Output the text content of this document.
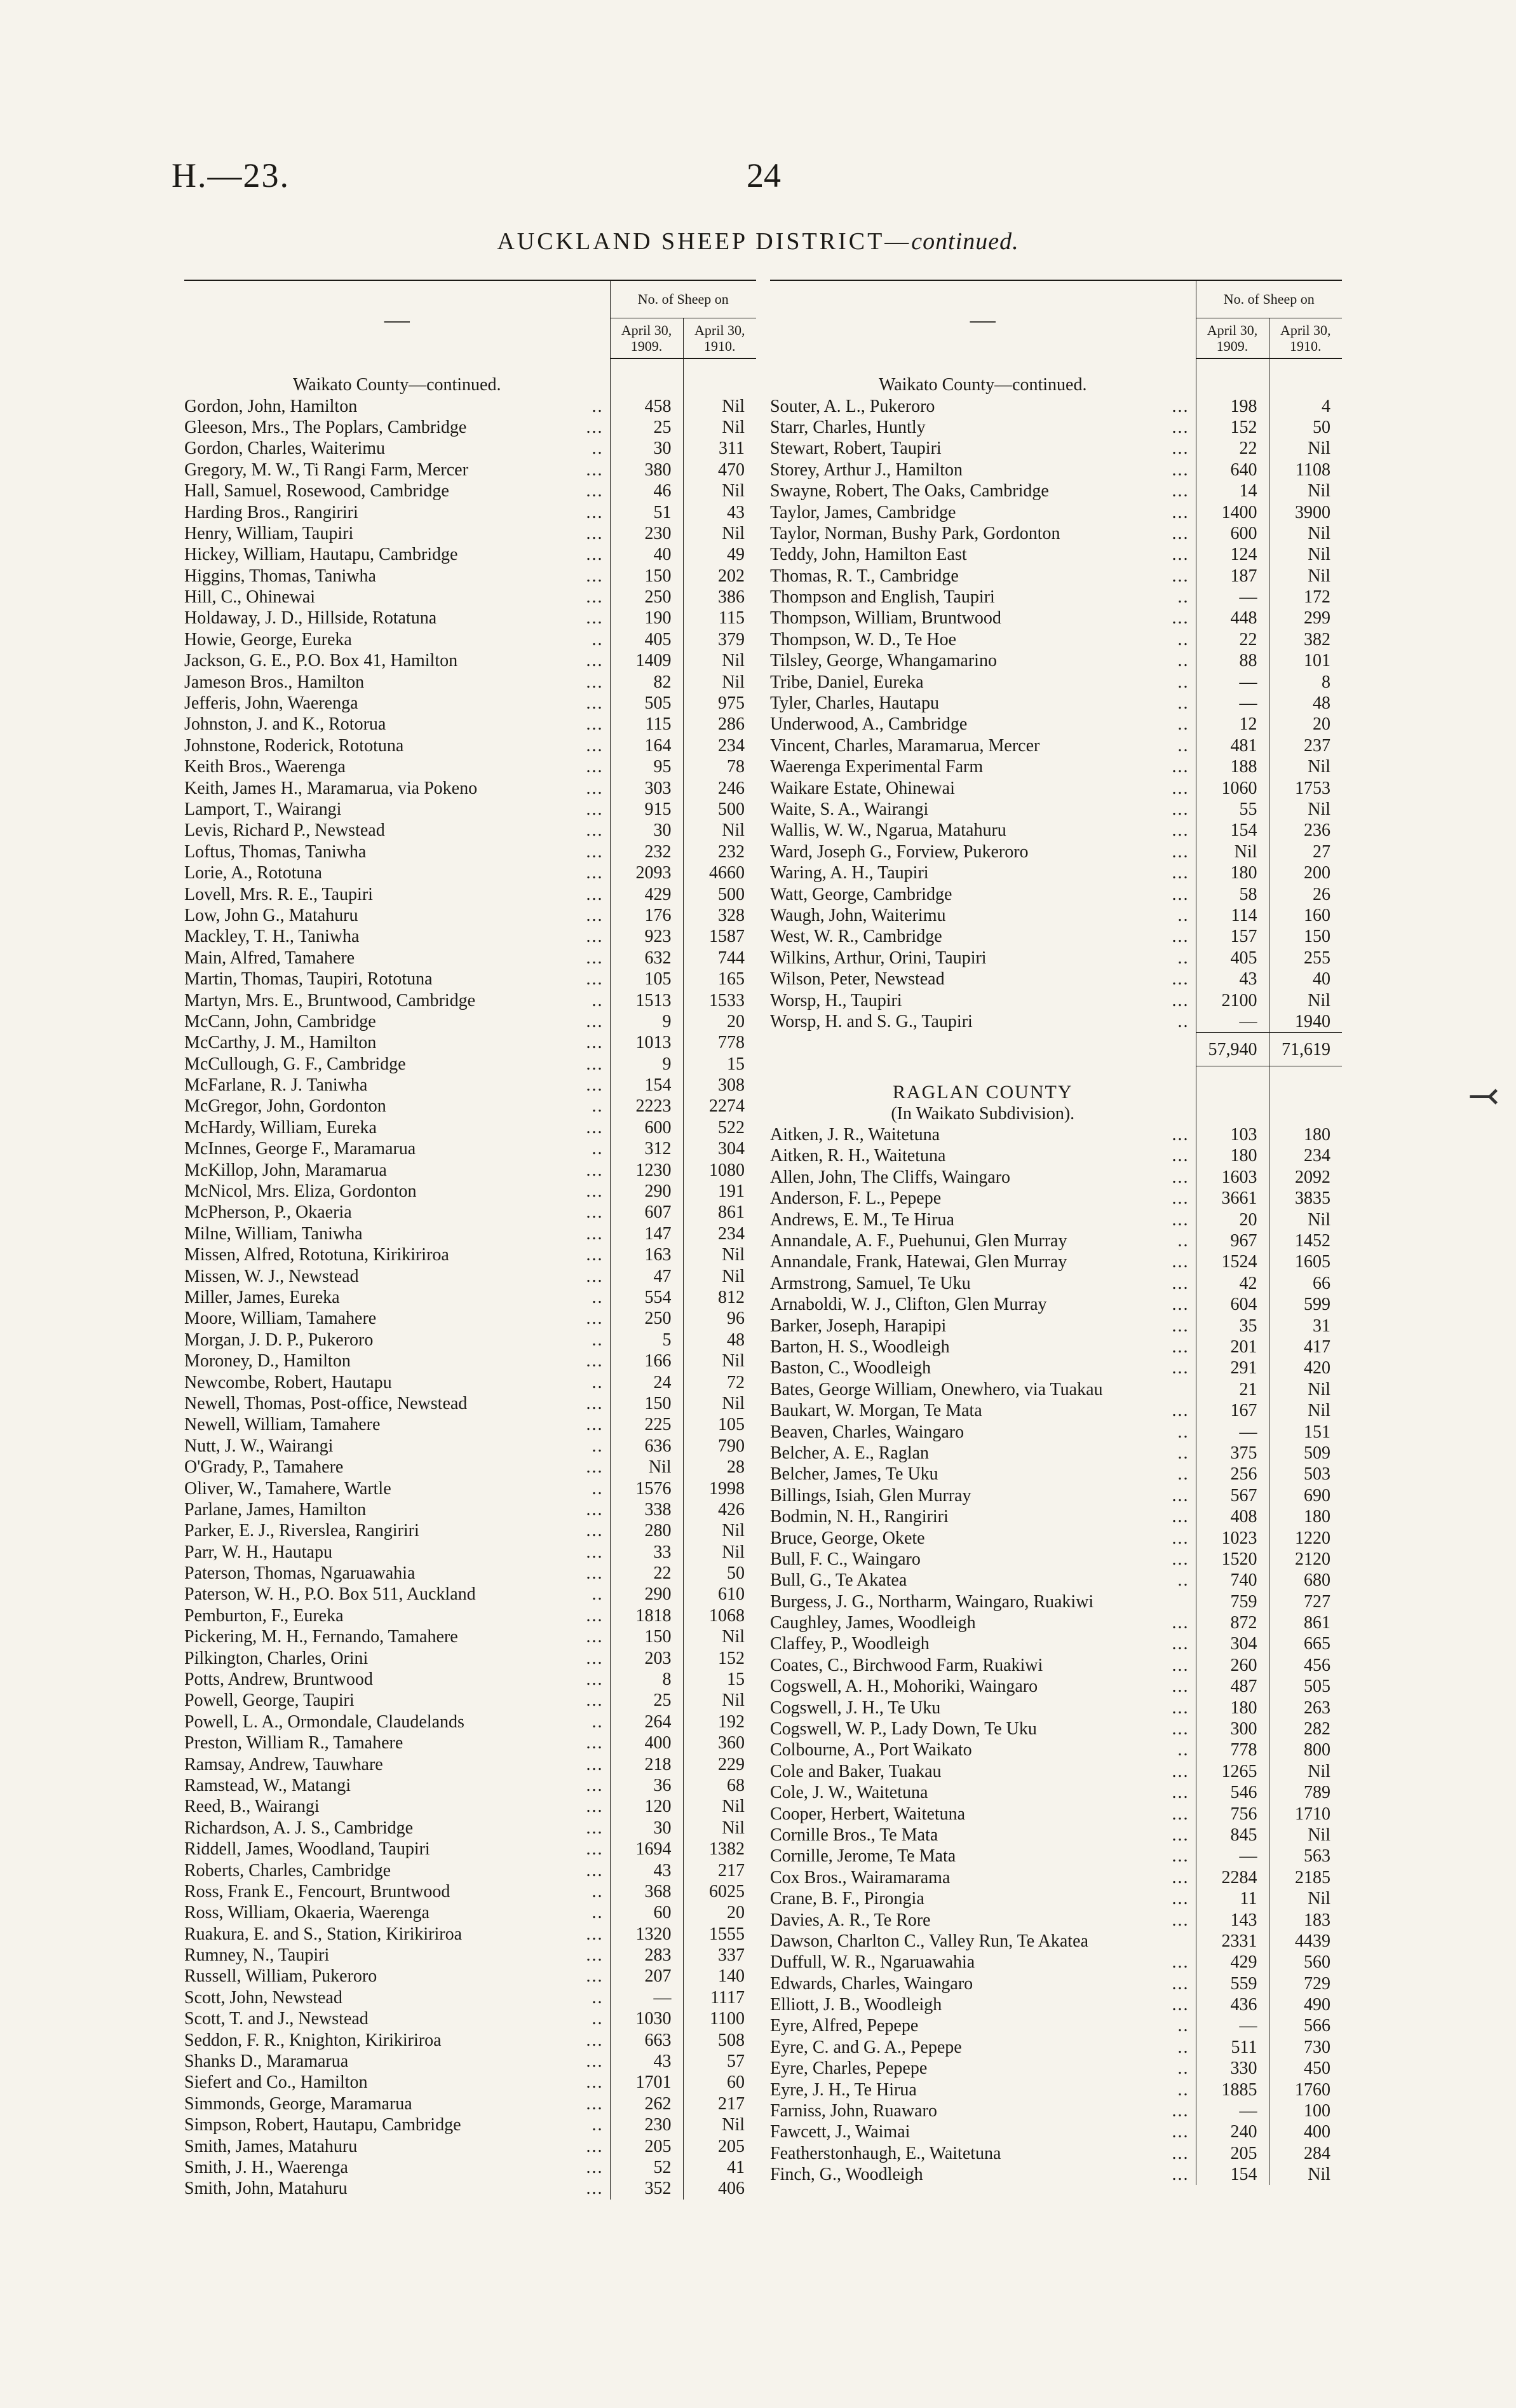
H.—23.	24
AUCKLAND SHEEP DISTRICT—continued.
—	No. of Sheep on	
	April 30, 1909.	April 30, 1910.

Waikato County—continued.		

..
Gordon, John, Hamilton	458	Nil

...
Gleeson, Mrs., The Poplars, Cambridge	25	Nil

..
Gordon, Charles, Waiterimu	30	311

...
Gregory, M. W., Ti Rangi Farm, Mercer	380	470

...
Hall, Samuel, Rosewood, Cambridge	46	Nil

...
Harding Bros., Rangiriri	51	43

...
Henry, William, Taupiri	230	Nil

...
Hickey, William, Hautapu, Cambridge	40	49

...
Higgins, Thomas, Taniwha	150	202

...
Hill, C., Ohinewai	250	386

...
Holdaway, J. D., Hillside, Rotatuna	190	115

..
Howie, George, Eureka	405	379

...
Jackson, G. E., P.O. Box 41, Hamilton	1409	Nil

...
Jameson Bros., Hamilton	82	Nil

...
Jefferis, John, Waerenga	505	975

...
Johnston, J. and K., Rotorua	115	286

...
Johnstone, Roderick, Rototuna	164	234

...
Keith Bros., Waerenga	95	78

...
Keith, James H., Maramarua, via Pokeno	303	246

...
Lamport, T., Wairangi	915	500

...
Levis, Richard P., Newstead	30	Nil

...
Loftus, Thomas, Taniwha	232	232

...
Lorie, A., Rototuna	2093	4660

...
Lovell, Mrs. R. E., Taupiri	429	500

...
Low, John G., Matahuru	176	328

...
Mackley, T. H., Taniwha	923	1587

...
Main, Alfred, Tamahere	632	744

...
Martin, Thomas, Taupiri, Rototuna	105	165

..
Martyn, Mrs. E., Bruntwood, Cambridge	1513	1533

...
McCann, John, Cambridge	9	20

...
McCarthy, J. M., Hamilton	1013	778

...
McCullough, G. F., Cambridge	9	15

...
McFarlane, R. J. Taniwha	154	308

..
McGregor, John, Gordonton	2223	2274

...
McHardy, William, Eureka	600	522

..
McInnes, George F., Maramarua	312	304

...
McKillop, John, Maramarua	1230	1080

...
McNicol, Mrs. Eliza, Gordonton	290	191

...
McPherson, P., Okaeria	607	861

...
Milne, William, Taniwha	147	234

...
Missen, Alfred, Rototuna, Kirikiriroa	163	Nil

...
Missen, W. J., Newstead	47	Nil

..
Miller, James, Eureka	554	812

...
Moore, William, Tamahere	250	96

..
Morgan, J. D. P., Pukeroro	5	48

...
Moroney, D., Hamilton	166	Nil

..
Newcombe, Robert, Hautapu	24	72

...
Newell, Thomas, Post-office, Newstead	150	Nil

...
Newell, William, Tamahere	225	105

..
Nutt, J. W., Wairangi	636	790

...
O'Grady, P., Tamahere	Nil	28

..
Oliver, W., Tamahere, Wartle	1576	1998

...
Parlane, James, Hamilton	338	426

...
Parker, E. J., Riverslea, Rangiriri	280	Nil

...
Parr, W. H., Hautapu	33	Nil

...
Paterson, Thomas, Ngaruawahia	22	50

..
Paterson, W. H., P.O. Box 511, Auckland	290	610

...
Pemburton, F., Eureka	1818	1068

...
Pickering, M. H., Fernando, Tamahere	150	Nil

...
Pilkington, Charles, Orini	203	152

...
Potts, Andrew, Bruntwood	8	15

...
Powell, George, Taupiri	25	Nil

..
Powell, L. A., Ormondale, Claudelands	264	192

...
Preston, William R., Tamahere	400	360

...
Ramsay, Andrew, Tauwhare	218	229

...
Ramstead, W., Matangi	36	68

...
Reed, B., Wairangi	120	Nil

...
Richardson, A. J. S., Cambridge	30	Nil

...
Riddell, James, Woodland, Taupiri	1694	1382

...
Roberts, Charles, Cambridge	43	217

..
Ross, Frank E., Fencourt, Bruntwood	368	6025

..
Ross, William, Okaeria, Waerenga	60	20

...
Ruakura, E. and S., Station, Kirikiriroa	1320	1555

...
Rumney, N., Taupiri	283	337

...
Russell, William, Pukeroro	207	140

..
Scott, John, Newstead	—	1117

..
Scott, T. and J., Newstead	1030	1100

...
Seddon, F. R., Knighton, Kirikiriroa	663	508

...
Shanks D., Maramarua	43	57

...
Siefert and Co., Hamilton	1701	60

...
Simmonds, George, Maramarua	262	217

..
Simpson, Robert, Hautapu, Cambridge	230	Nil

...
Smith, James, Matahuru	205	205

...
Smith, J. H., Waerenga	52	41

...
Smith, John, Matahuru	352	406
—	No. of Sheep on	
	April 30, 1909.	April 30, 1910.

Waikato County—continued.		

...
Souter, A. L., Pukeroro	198	4

...
Starr, Charles, Huntly	152	50

...
Stewart, Robert, Taupiri	22	Nil

...
Storey, Arthur J., Hamilton	640	1108

...
Swayne, Robert, The Oaks, Cambridge	14	Nil

...
Taylor, James, Cambridge	1400	3900

...
Taylor, Norman, Bushy Park, Gordonton	600	Nil

...
Teddy, John, Hamilton East	124	Nil

...
Thomas, R. T., Cambridge	187	Nil

..
Thompson and English, Taupiri	—	172

...
Thompson, William, Bruntwood	448	299

..
Thompson, W. D., Te Hoe	22	382

..
Tilsley, George, Whangamarino	88	101

..
Tribe, Daniel, Eureka	—	8

..
Tyler, Charles, Hautapu	—	48

..
Underwood, A., Cambridge	12	20

..
Vincent, Charles, Maramarua, Mercer	481	237

...
Waerenga Experimental Farm	188	Nil

...
Waikare Estate, Ohinewai	1060	1753

...
Waite, S. A., Wairangi	55	Nil

...
Wallis, W. W., Ngarua, Matahuru	154	236

...
Ward, Joseph G., Forview, Pukeroro	Nil	27

...
Waring, A. H., Taupiri	180	200

...
Watt, George, Cambridge	58	26

..
Waugh, John, Waiterimu	114	160

...
West, W. R., Cambridge	157	150

..
Wilkins, Arthur, Orini, Taupiri	405	255

...
Wilson, Peter, Newstead	43	40

...
Worsp, H., Taupiri	2100	Nil

..
Worsp, H. and S. G., Taupiri	—	1940
	57,940	71,619

RAGLAN COUNTY		
(In Waikato Subdivision).		

...
Aitken, J. R., Waitetuna	103	180

...
Aitken, R. H., Waitetuna	180	234

...
Allen, John, The Cliffs, Waingaro	1603	2092

...
Anderson, F. L., Pepepe	3661	3835

...
Andrews, E. M., Te Hirua	20	Nil

..
Annandale, A. F., Puehunui, Glen Murray	967	1452

...
Annandale, Frank, Hatewai, Glen Murray	1524	1605

...
Armstrong, Samuel, Te Uku	42	66

...
Arnaboldi, W. J., Clifton, Glen Murray	604	599

...
Barker, Joseph, Harapipi	35	31

...
Barton, H. S., Woodleigh	201	417

...
Baston, C., Woodleigh	291	420

Bates, George William, Onewhero, via Tuakau	21	Nil

...
Baukart, W. Morgan, Te Mata	167	Nil

..
Beaven, Charles, Waingaro	—	151

..
Belcher, A. E., Raglan	375	509

..
Belcher, James, Te Uku	256	503

...
Billings, Isiah, Glen Murray	567	690

...
Bodmin, N. H., Rangiriri	408	180

...
Bruce, George, Okete	1023	1220

...
Bull, F. C., Waingaro	1520	2120

..
Bull, G., Te Akatea	740	680

Burgess, J. G., Northarm, Waingaro, Ruakiwi	759	727

...
Caughley, James, Woodleigh	872	861

...
Claffey, P., Woodleigh	304	665

...
Coates, C., Birchwood Farm, Ruakiwi	260	456

...
Cogswell, A. H., Mohoriki, Waingaro	487	505

...
Cogswell, J. H., Te Uku	180	263

...
Cogswell, W. P., Lady Down, Te Uku	300	282

..
Colbourne, A., Port Waikato	778	800

...
Cole and Baker, Tuakau	1265	Nil

...
Cole, J. W., Waitetuna	546	789

...
Cooper, Herbert, Waitetuna	756	1710

...
Cornille Bros., Te Mata	845	Nil

...
Cornille, Jerome, Te Mata	—	563

...
Cox Bros., Wairamarama	2284	2185

...
Crane, B. F., Pirongia	11	Nil

...
Davies, A. R., Te Rore	143	183

Dawson, Charlton C., Valley Run, Te Akatea	2331	4439

...
Duffull, W. R., Ngaruawahia	429	560

...
Edwards, Charles, Waingaro	559	729

...
Elliott, J. B., Woodleigh	436	490

..
Eyre, Alfred, Pepepe	—	566

..
Eyre, C. and G. A., Pepepe	511	730

..
Eyre, Charles, Pepepe	330	450

..
Eyre, J. H., Te Hirua	1885	1760

...
Farniss, John, Ruawaro	—	100

...
Fawcett, J., Waimai	240	400

...
Featherstonhaugh, E., Waitetuna	205	284

...
Finch, G., Woodleigh	154	Nil
⤙
